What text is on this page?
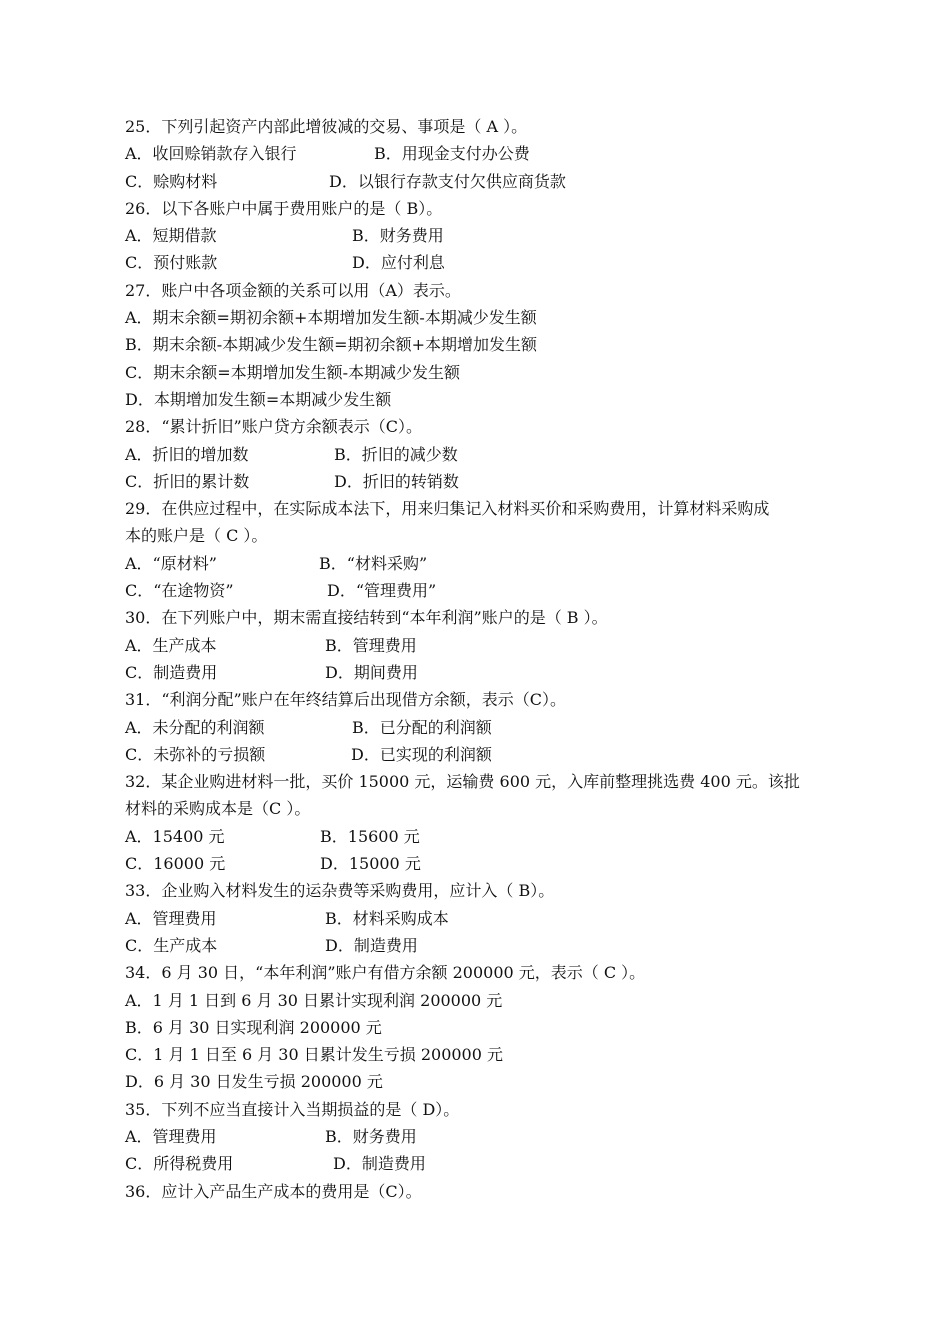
25．下列引起资产内部此增彼减的交易、事项是（ A ）。
A．收回赊销款存入银行	B．用现金支付办公费
C．赊购材料	D．以银行存款支付欠供应商货款
26．以下各账户中属于费用账户的是（ B）。
A．短期借款	B．财务费用
C．预付账款	D．应付利息
27．账户中各项金额的关系可以用（A）表示。
A．期末余额=期初余额+本期增加发生额-本期减少发生额
B．期末余额-本期减少发生额=期初余额+本期增加发生额
C．期末余额=本期增加发生额-本期减少发生额
D．本期增加发生额=本期减少发生额
28．“累计折旧”账户贷方余额表示（C）。
A．折旧的增加数	B．折旧的减少数
C．折旧的累计数	D．折旧的转销数
29．在供应过程中，在实际成本法下，用来归集记入材料买价和采购费用，计算材料采购成
本的账户是（ C ）。
A．“原材料”	B．“材料采购”
C．“在途物资”	D．“管理费用”
30．在下列账户中，期末需直接结转到“本年利润”账户的是（ B ）。
A．生产成本	B．管理费用
C．制造费用	D．期间费用
31．“利润分配”账户在年终结算后出现借方余额，表示（C）。
A．未分配的利润额	B．已分配的利润额
C．未弥补的亏损额	D．已实现的利润额
32．某企业购进材料一批，买价 15000 元，运输费 600 元，入库前整理挑选费 400 元。该批
材料的采购成本是（C ）。
A．15400 元	B．15600 元
C．16000 元	D．15000 元
33．企业购入材料发生的运杂费等采购费用，应计入（ B）。
A．管理费用	B．材料采购成本
C．生产成本	D．制造费用
34．6 月 30 日，“本年利润”账户有借方余额 200000 元，表示（ C ）。
A．1 月 1 日到 6 月 30 日累计实现利润 200000 元
B．6 月 30 日实现利润 200000 元
C．1 月 1 日至 6 月 30 日累计发生亏损 200000 元
D．6 月 30 日发生亏损 200000 元
35．下列不应当直接计入当期损益的是（ D）。
A．管理费用	B．财务费用
C．所得税费用	D．制造费用
36．应计入产品生产成本的费用是（C）。
